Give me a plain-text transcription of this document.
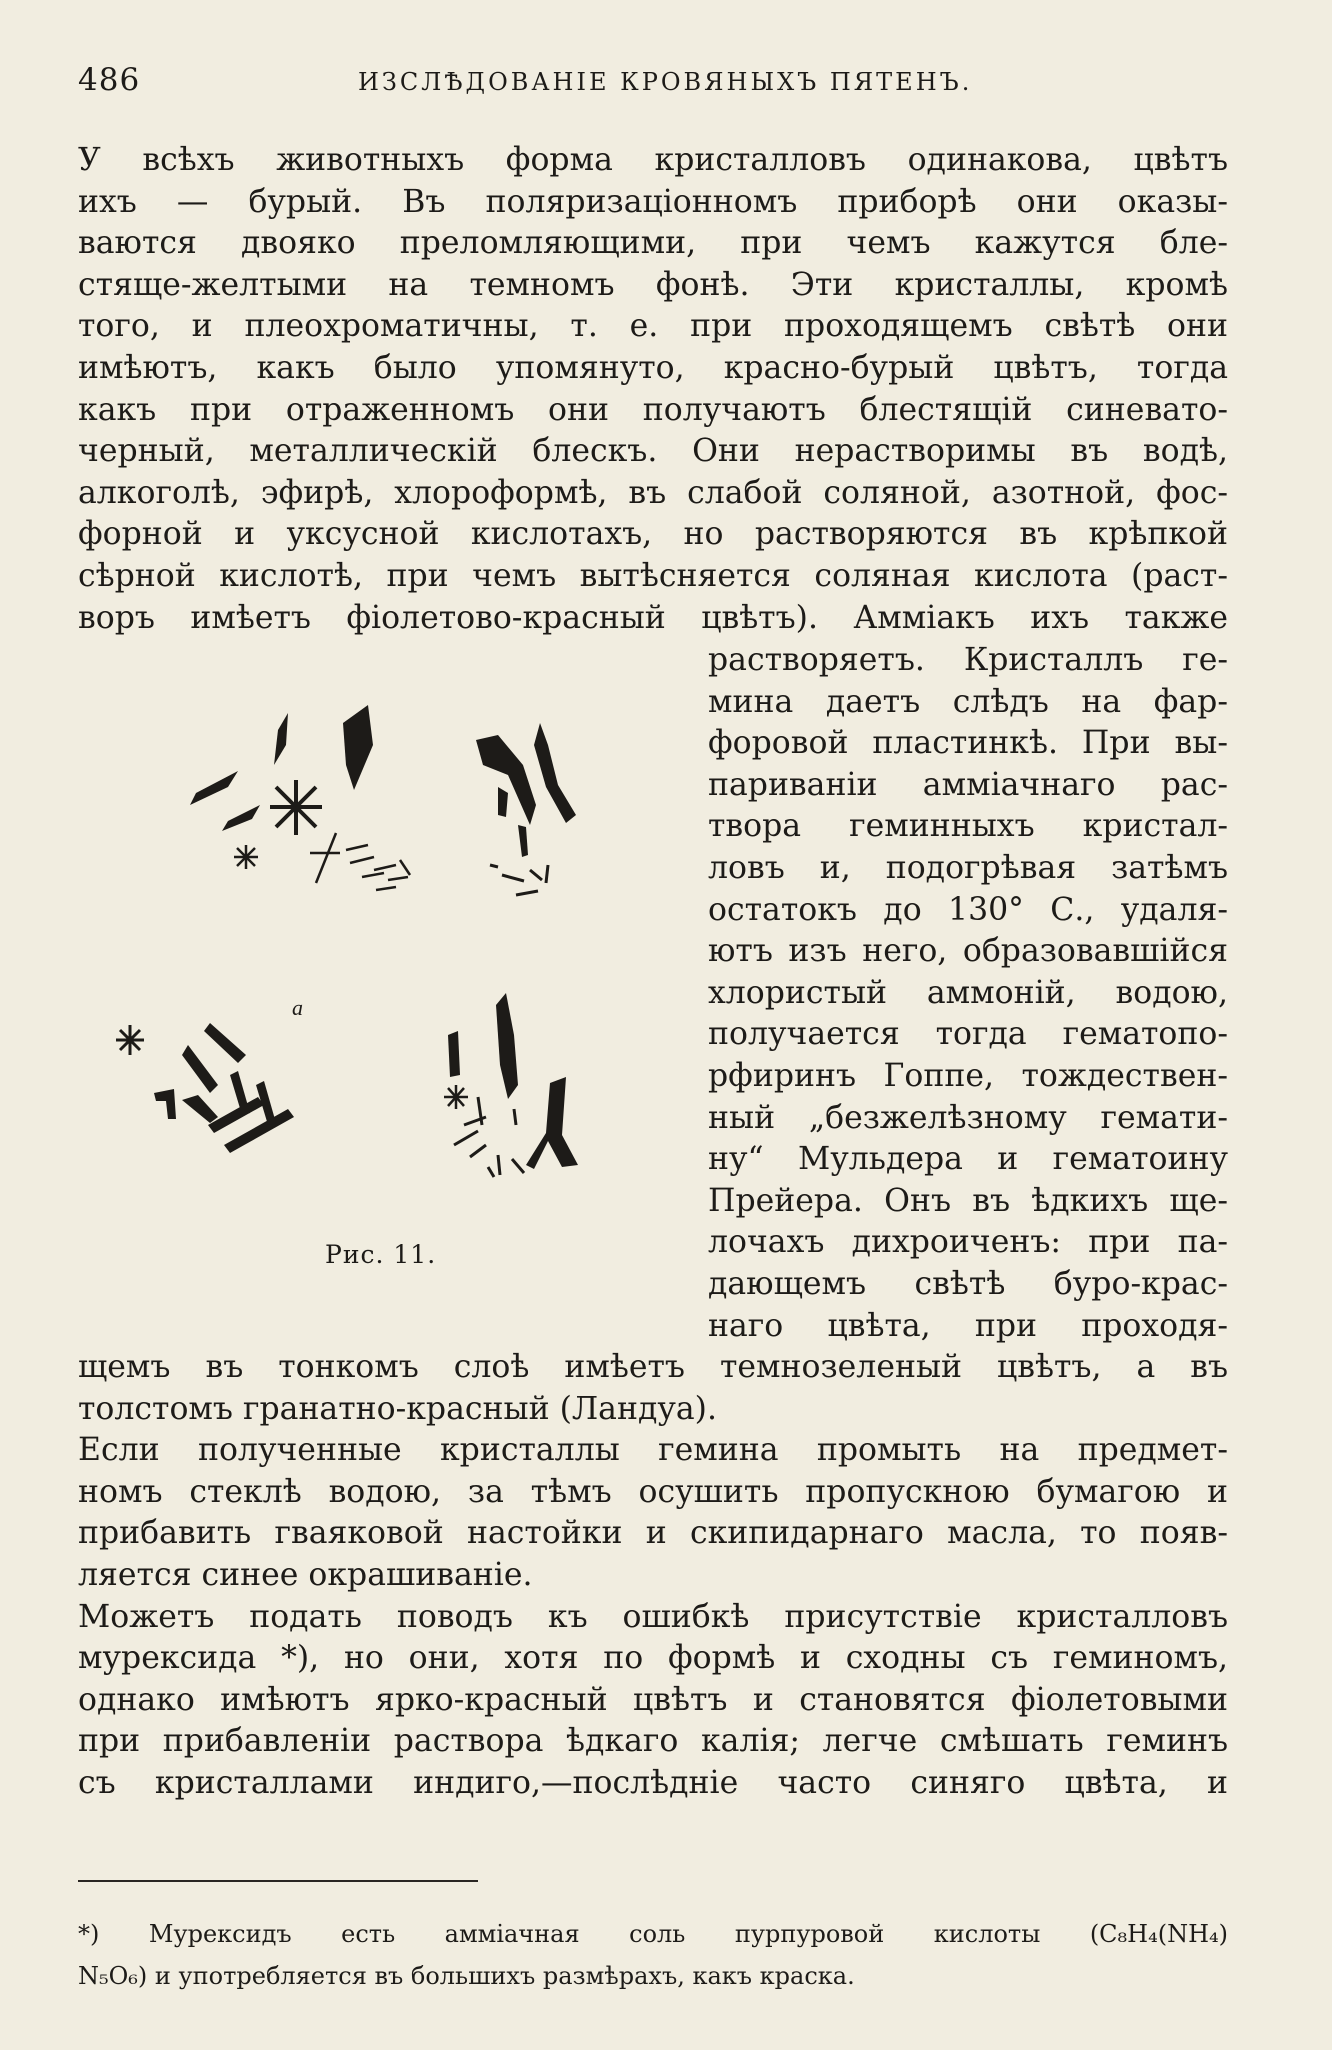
486	ИЗСЛѢДОВАНІЕ КРОВЯНЫХЪ ПЯТЕНЪ.
У всѣхъ животныхъ форма кристалловъ одинакова, цвѣтъ
ихъ — бурый. Въ поляризаціонномъ приборѣ они оказы-
ваются двояко преломляющими, при чемъ кажутся бле-
стяще-желтыми на темномъ фонѣ. Эти кристаллы, кромѣ
того, и плеохроматичны, т. е. при проходящемъ свѣтѣ они
имѣютъ, какъ было упомянуто, красно-бурый цвѣтъ, тогда
какъ при отраженномъ они получаютъ блестящій синевато-
черный, металлическій блескъ. Они нерастворимы въ водѣ,
алкоголѣ, эфирѣ, хлороформѣ, въ слабой соляной, азотной, фос-
форной и уксусной кислотахъ, но растворяются въ крѣпкой
сѣрной кислотѣ, при чемъ вытѣсняется соляная кислота (раст-
воръ имѣетъ фіолетово-красный цвѣтъ). Амміакъ ихъ также
растворяетъ. Кристаллъ ге-
мина даетъ слѣдъ на фар-
форовой пластинкѣ. При вы-
париваніи амміачнаго рас-
твора геминныхъ кристал-
ловъ и, подогрѣвая затѣмъ
остатокъ до 130° С., удаля-
ютъ изъ него, образовавшійся
хлористый аммоній, водою,
получается тогда гематопо-
рфиринъ Гоппе, тождествен-
ный „безжелѣзному гемати-
ну“ Мульдера и гематоину
Прейера. Онъ въ ѣдкихъ ще-
лочахъ дихроиченъ: при па-
дающемъ свѣтѣ буро-крас-
наго цвѣта, при проходя-
a
Рис. 11.
щемъ въ тонкомъ слоѣ имѣетъ темнозеленый цвѣтъ, а въ
толстомъ гранатно-красный (Ландуа).
Если полученные кристаллы гемина промыть на предмет-
номъ стеклѣ водою, за тѣмъ осушить пропускною бумагою и
прибавить гваяковой настойки и скипидарнаго масла, то появ-
ляется синее окрашиваніе.
Можетъ подать поводъ къ ошибкѣ присутствіе кристалловъ
мурексида *), но они, хотя по формѣ и сходны съ геминомъ,
однако имѣютъ ярко-красный цвѣтъ и становятся фіолетовыми
при прибавленіи раствора ѣдкаго калія; легче смѣшать геминъ
съ кристаллами индиго,—послѣдніе часто синяго цвѣта, и
*) Мурексидъ есть амміачная соль пурпуровой кислоты (C₈H₄(NH₄)
N₅O₆) и употребляется въ большихъ размѣрахъ, какъ краска.
